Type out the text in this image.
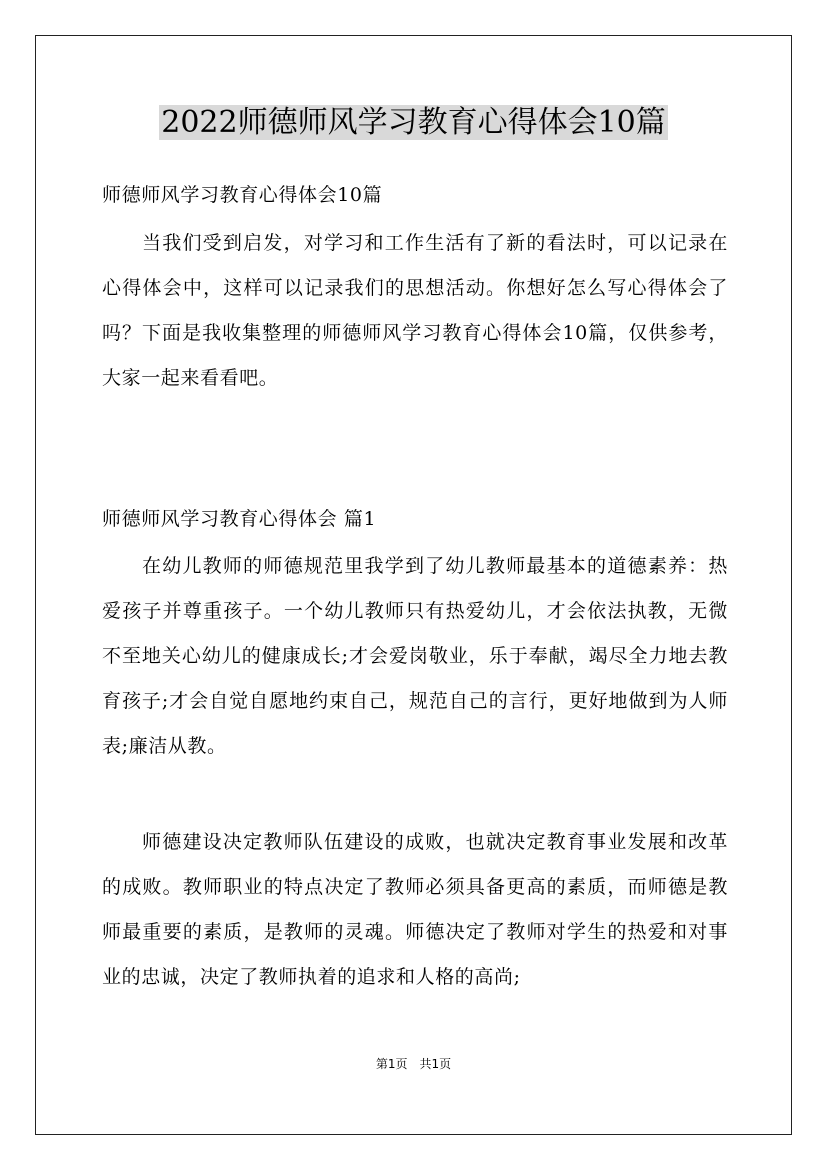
2022师德师风学习教育心得体会10篇

师德师风学习教育心得体会10篇

当我们受到启发，对学习和工作生活有了新的看法时，可以记录在心得体会中，这样可以记录我们的思想活动。你想好怎么写心得体会了吗？下面是我收集整理的师德师风学习教育心得体会10篇，仅供参考，大家一起来看看吧。

师德师风学习教育心得体会 篇1

在幼儿教师的师德规范里我学到了幼儿教师最基本的道德素养：热爱孩子并尊重孩子。一个幼儿教师只有热爱幼儿，才会依法执教，无微不至地关心幼儿的健康成长;才会爱岗敬业，乐于奉献，竭尽全力地去教育孩子;才会自觉自愿地约束自己，规范自己的言行，更好地做到为人师表;廉洁从教。

师德建设决定教师队伍建设的成败，也就决定教育事业发展和改革的成败。教师职业的特点决定了教师必须具备更高的素质，而师德是教师最重要的素质，是教师的灵魂。师德决定了教师对学生的热爱和对事业的忠诚，决定了教师执着的追求和人格的高尚;

第1页　共1页
